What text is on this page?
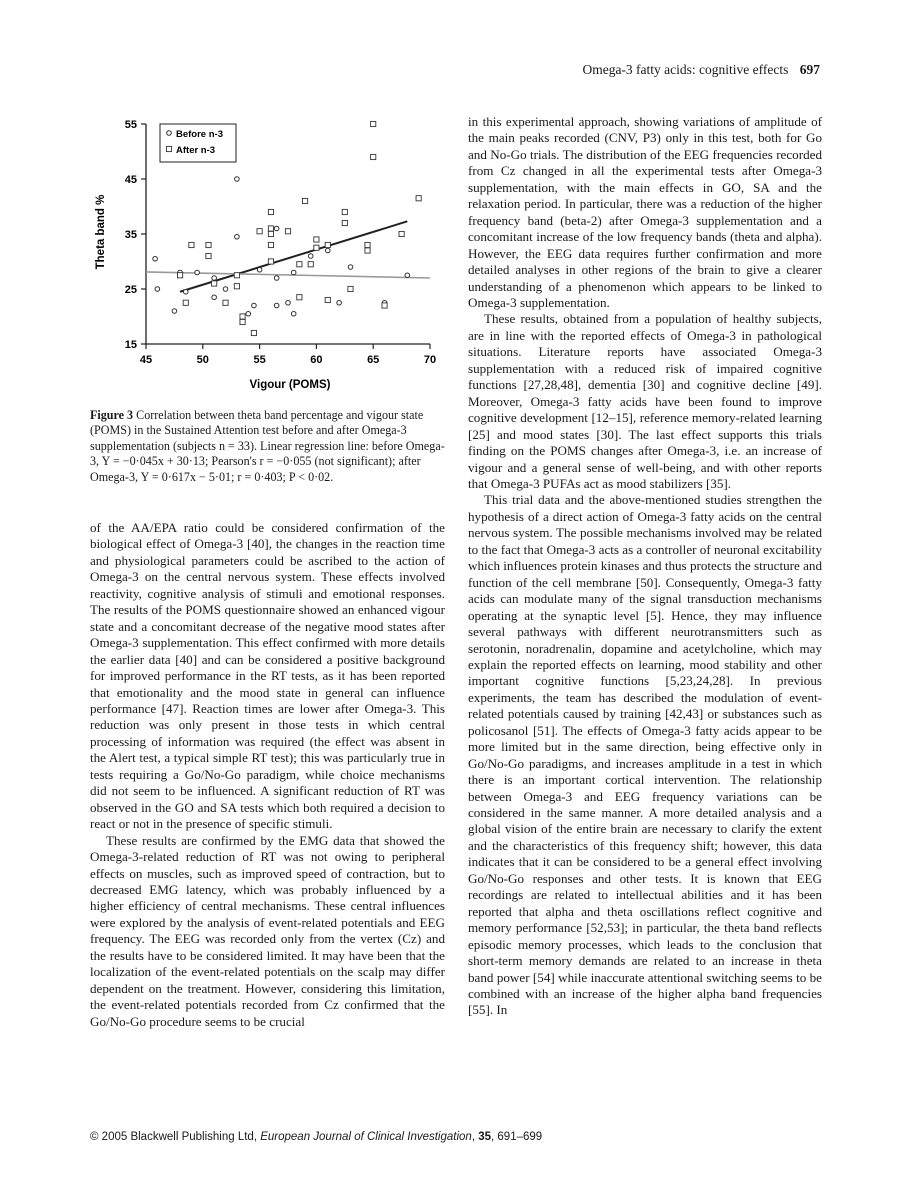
Omega-3 fatty acids: cognitive effects 697
45	50	55	60	65	70
15
25
35
45
55
Before n-3
After n-3
Vigour (POMS)
Theta band %
Figure 3 Correlation between theta band percentage and vigour state (POMS) in the Sustained Attention test before and after Omega-3 supplementation (subjects n = 33). Linear regression line: before Omega-3, Y = −0·045x + 30·13; Pearson's r = −0·055 (not significant); after Omega-3, Y = 0·617x − 5·01; r = 0·403; P < 0·02.

of the AA/EPA ratio could be considered confirmation of the biological effect of Omega-3 [40], the changes in the reaction time and physiological parameters could be ascribed to the action of Omega-3 on the central nervous system. These effects involved reactivity, cognitive analysis of stimuli and emotional responses. The results of the POMS questionnaire showed an enhanced vigour state and a concomitant decrease of the negative mood states after Omega-3 supplementation. This effect confirmed with more details the earlier data [40] and can be considered a positive background for improved performance in the RT tests, as it has been reported that emotionality and the mood state in general can influence performance [47]. Reaction times are lower after Omega-3. This reduction was only present in those tests in which central processing of information was required (the effect was absent in the Alert test, a typical simple RT test); this was particularly true in tests requiring a Go/No-Go paradigm, while choice mechanisms did not seem to be influenced. A significant reduction of RT was observed in the GO and SA tests which both required a decision to react or not in the presence of specific stimuli.

These results are confirmed by the EMG data that showed the Omega-3-related reduction of RT was not owing to peripheral effects on muscles, such as improved speed of contraction, but to decreased EMG latency, which was probably influenced by a higher efficiency of central mechanisms. These central influences were explored by the analysis of event-related potentials and EEG frequency. The EEG was recorded only from the vertex (Cz) and the results have to be considered limited. It may have been that the localization of the event-related potentials on the scalp may differ dependent on the treatment. However, considering this limitation, the event-related potentials recorded from Cz confirmed that the Go/No-Go procedure seems to be crucial

in this experimental approach, showing variations of amplitude of the main peaks recorded (CNV, P3) only in this test, both for Go and No-Go trials. The distribution of the EEG frequencies recorded from Cz changed in all the experimental tests after Omega-3 supplementation, with the main effects in GO, SA and the relaxation period. In particular, there was a reduction of the higher frequency band (beta-2) after Omega-3 supplementation and a concomitant increase of the low frequency bands (theta and alpha). However, the EEG data requires further confirmation and more detailed analyses in other regions of the brain to give a clearer understanding of a phenomenon which appears to be linked to Omega-3 supplementation.

These results, obtained from a population of healthy subjects, are in line with the reported effects of Omega-3 in pathological situations. Literature reports have associated Omega-3 supplementation with a reduced risk of impaired cognitive functions [27,28,48], dementia [30] and cognitive decline [49]. Moreover, Omega-3 fatty acids have been found to improve cognitive development [12–15], reference memory-related learning [25] and mood states [30]. The last effect supports this trials finding on the POMS changes after Omega-3, i.e. an increase of vigour and a general sense of well-being, and with other reports that Omega-3 PUFAs act as mood stabilizers [35].

This trial data and the above-mentioned studies strengthen the hypothesis of a direct action of Omega-3 fatty acids on the central nervous system. The possible mechanisms involved may be related to the fact that Omega-3 acts as a controller of neuronal excitability which influences protein kinases and thus protects the structure and function of the cell membrane [50]. Consequently, Omega-3 fatty acids can modulate many of the signal transduction mechanisms operating at the synaptic level [5]. Hence, they may influence several pathways with different neurotransmitters such as serotonin, noradrenalin, dopamine and acetylcholine, which may explain the reported effects on learning, mood stability and other important cognitive functions [5,23,24,28]. In previous experiments, the team has described the modulation of event-related potentials caused by training [42,43] or substances such as policosanol [51]. The effects of Omega-3 fatty acids appear to be more limited but in the same direction, being effective only in Go/No-Go paradigms, and increases amplitude in a test in which there is an important cortical intervention. The relationship between Omega-3 and EEG frequency variations can be considered in the same manner. A more detailed analysis and a global vision of the entire brain are necessary to clarify the extent and the characteristics of this frequency shift; however, this data indicates that it can be considered to be a general effect involving Go/No-Go responses and other tests. It is known that EEG recordings are related to intellectual abilities and it has been reported that alpha and theta oscillations reflect cognitive and memory performance [52,53]; in particular, the theta band reflects episodic memory processes, which leads to the conclusion that short-term memory demands are related to an increase in theta band power [54] while inaccurate attentional switching seems to be combined with an increase of the higher alpha band frequencies [55]. In

© 2005 Blackwell Publishing Ltd, European Journal of Clinical Investigation, 35, 691–699
